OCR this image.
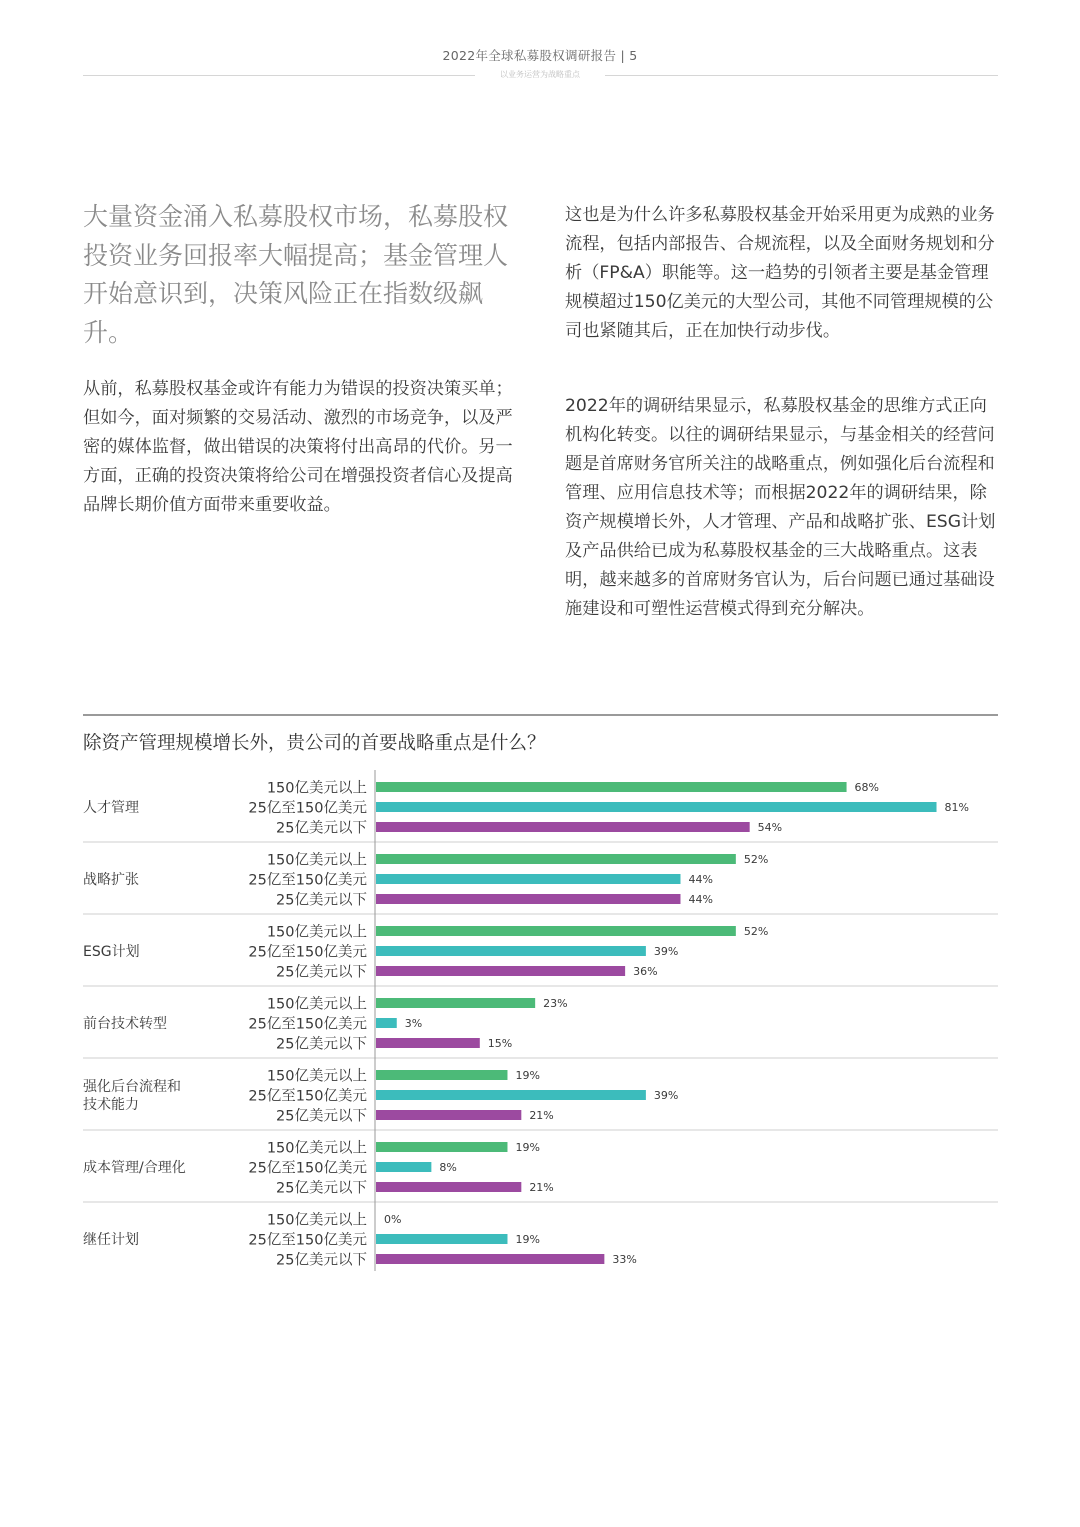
2022年全球私募股权调研报告 | 5
以业务运营为战略重点

大量资金涌入私募股权市场，私募股权投资业务回报率大幅提高；基金管理人开始意识到，决策风险正在指数级飙升。

从前，私募股权基金或许有能力为错误的投资决策买单；但如今，面对频繁的交易活动、激烈的市场竞争，以及严密的媒体监督，做出错误的决策将付出高昂的代价。另一方面，正确的投资决策将给公司在增强投资者信心及提高品牌长期价值方面带来重要收益。

这也是为什么许多私募股权基金开始采用更为成熟的业务流程，包括内部报告、合规流程，以及全面财务规划和分析（FP&A）职能等。这一趋势的引领者主要是基金管理规模超过150亿美元的大型公司，其他不同管理规模的公司也紧随其后，正在加快行动步伐。

2022年的调研结果显示，私募股权基金的思维方式正向机构化转变。以往的调研结果显示，与基金相关的经营问题是首席财务官所关注的战略重点，例如强化后台流程和管理、应用信息技术等；而根据2022年的调研结果，除资产规模增长外，人才管理、产品和战略扩张、ESG计划及产品供给已成为私募股权基金的三大战略重点。这表明，越来越多的首席财务官认为，后台问题已通过基础设施建设和可塑性运营模式得到充分解决。

除资产管理规模增长外，贵公司的首要战略重点是什么？
人才管理
150亿美元以上	68%
25亿至150亿美元	81%
25亿美元以下	54%
战略扩张
150亿美元以上	52%
25亿至150亿美元	44%
25亿美元以下	44%
ESG计划
150亿美元以上	52%
25亿至150亿美元	39%
25亿美元以下	36%
前台技术转型
150亿美元以上	23%
25亿至150亿美元	3%
25亿美元以下	15%
强化后台流程和
技术能力
150亿美元以上	19%
25亿至150亿美元	39%
25亿美元以下	21%
成本管理/合理化
150亿美元以上	19%
25亿至150亿美元	8%
25亿美元以下	21%
继任计划
150亿美元以上 0%
25亿至150亿美元	19%
25亿美元以下	33%
